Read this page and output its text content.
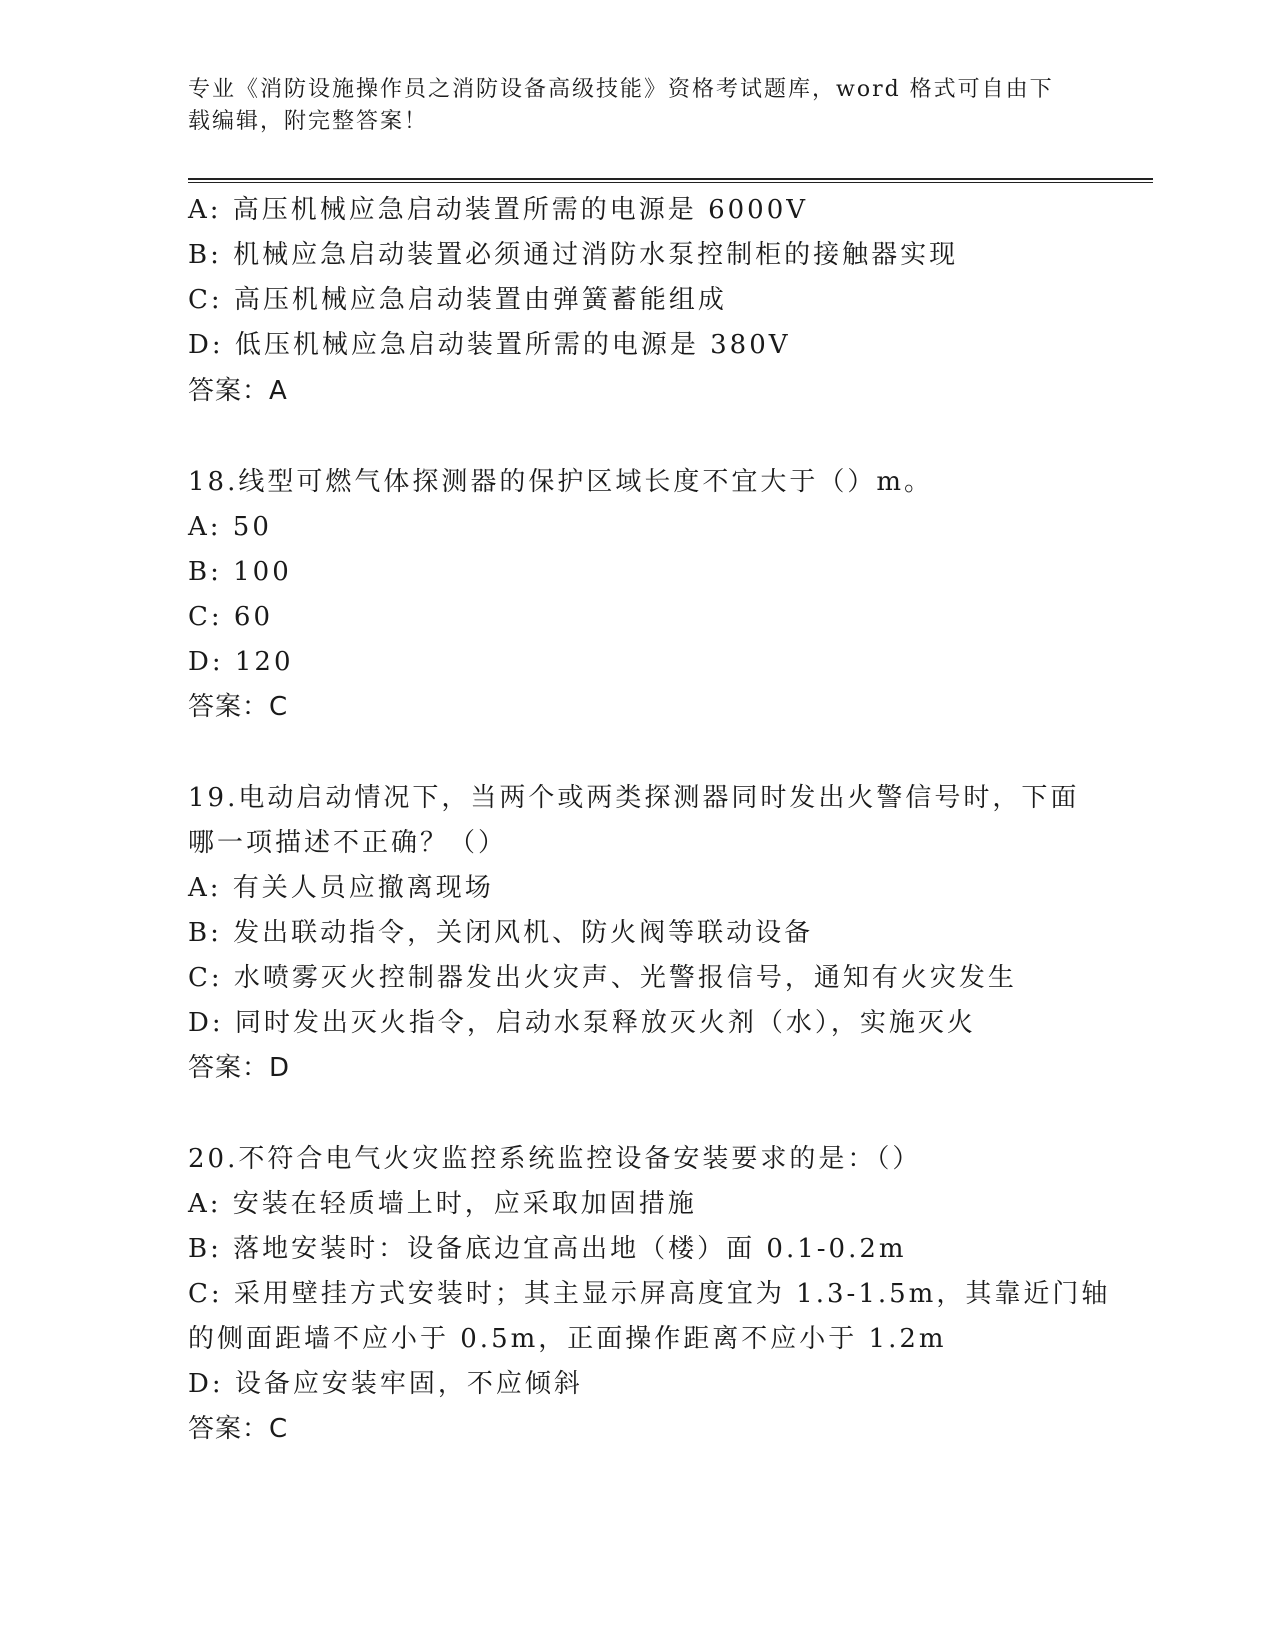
专业《消防设施操作员之消防设备高级技能》资格考试题库，word 格式可自由下
载编辑，附完整答案！
A: 高压机械应急启动装置所需的电源是 6000V
B: 机械应急启动装置必须通过消防水泵控制柜的接触器实现
C: 高压机械应急启动装置由弹簧蓄能组成
D: 低压机械应急启动装置所需的电源是 380V
答案：A
18.线型可燃气体探测器的保护区域长度不宜大于（）m。
A: 50
B: 100
C: 60
D: 120
答案：C
19.电动启动情况下，当两个或两类探测器同时发出火警信号时，下面
哪一项描述不正确？（）
A: 有关人员应撤离现场
B: 发出联动指令，关闭风机、防火阀等联动设备
C: 水喷雾灭火控制器发出火灾声、光警报信号，通知有火灾发生
D: 同时发出灭火指令，启动水泵释放灭火剂（水），实施灭火
答案：D
20.不符合电气火灾监控系统监控设备安装要求的是：（）
A: 安装在轻质墙上时，应采取加固措施
B: 落地安装时：设备底边宜高出地（楼）面 0.1-0.2m
C: 采用壁挂方式安装时；其主显示屏高度宜为 1.3-1.5m，其靠近门轴
的侧面距墙不应小于 0.5m，正面操作距离不应小于 1.2m
D: 设备应安装牢固，不应倾斜
答案：C
